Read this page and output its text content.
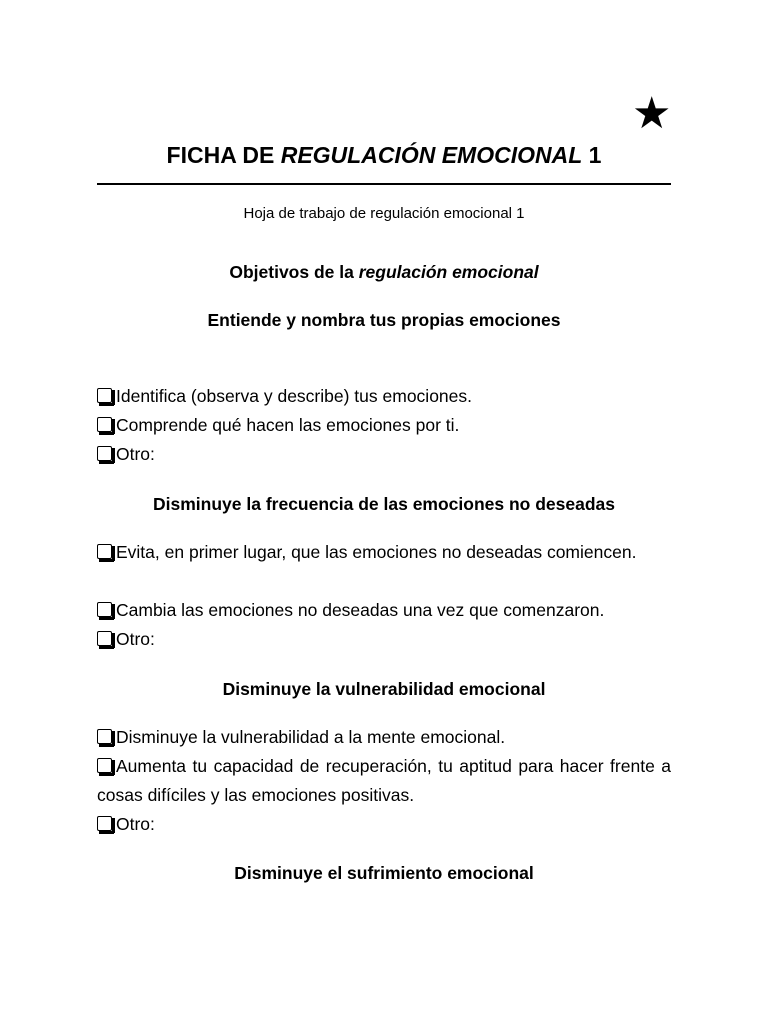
★
FICHA DE REGULACIÓN EMOCIONAL 1
Hoja de trabajo de regulación emocional 1
Objetivos de la regulación emocional
Entiende y nombra tus propias emociones
Identifica (observa y describe) tus emociones.
Comprende qué hacen las emociones por ti.
Otro:
Disminuye la frecuencia de las emociones no deseadas
Evita, en primer lugar, que las emociones no deseadas comiencen.
Cambia las emociones no deseadas una vez que comenzaron.
Otro:
Disminuye la vulnerabilidad emocional
Disminuye la vulnerabilidad a la mente emocional.
Aumenta tu capacidad de recuperación, tu aptitud para hacer frente a cosas difíciles y las emociones positivas.
Otro:
Disminuye el sufrimiento emocional
